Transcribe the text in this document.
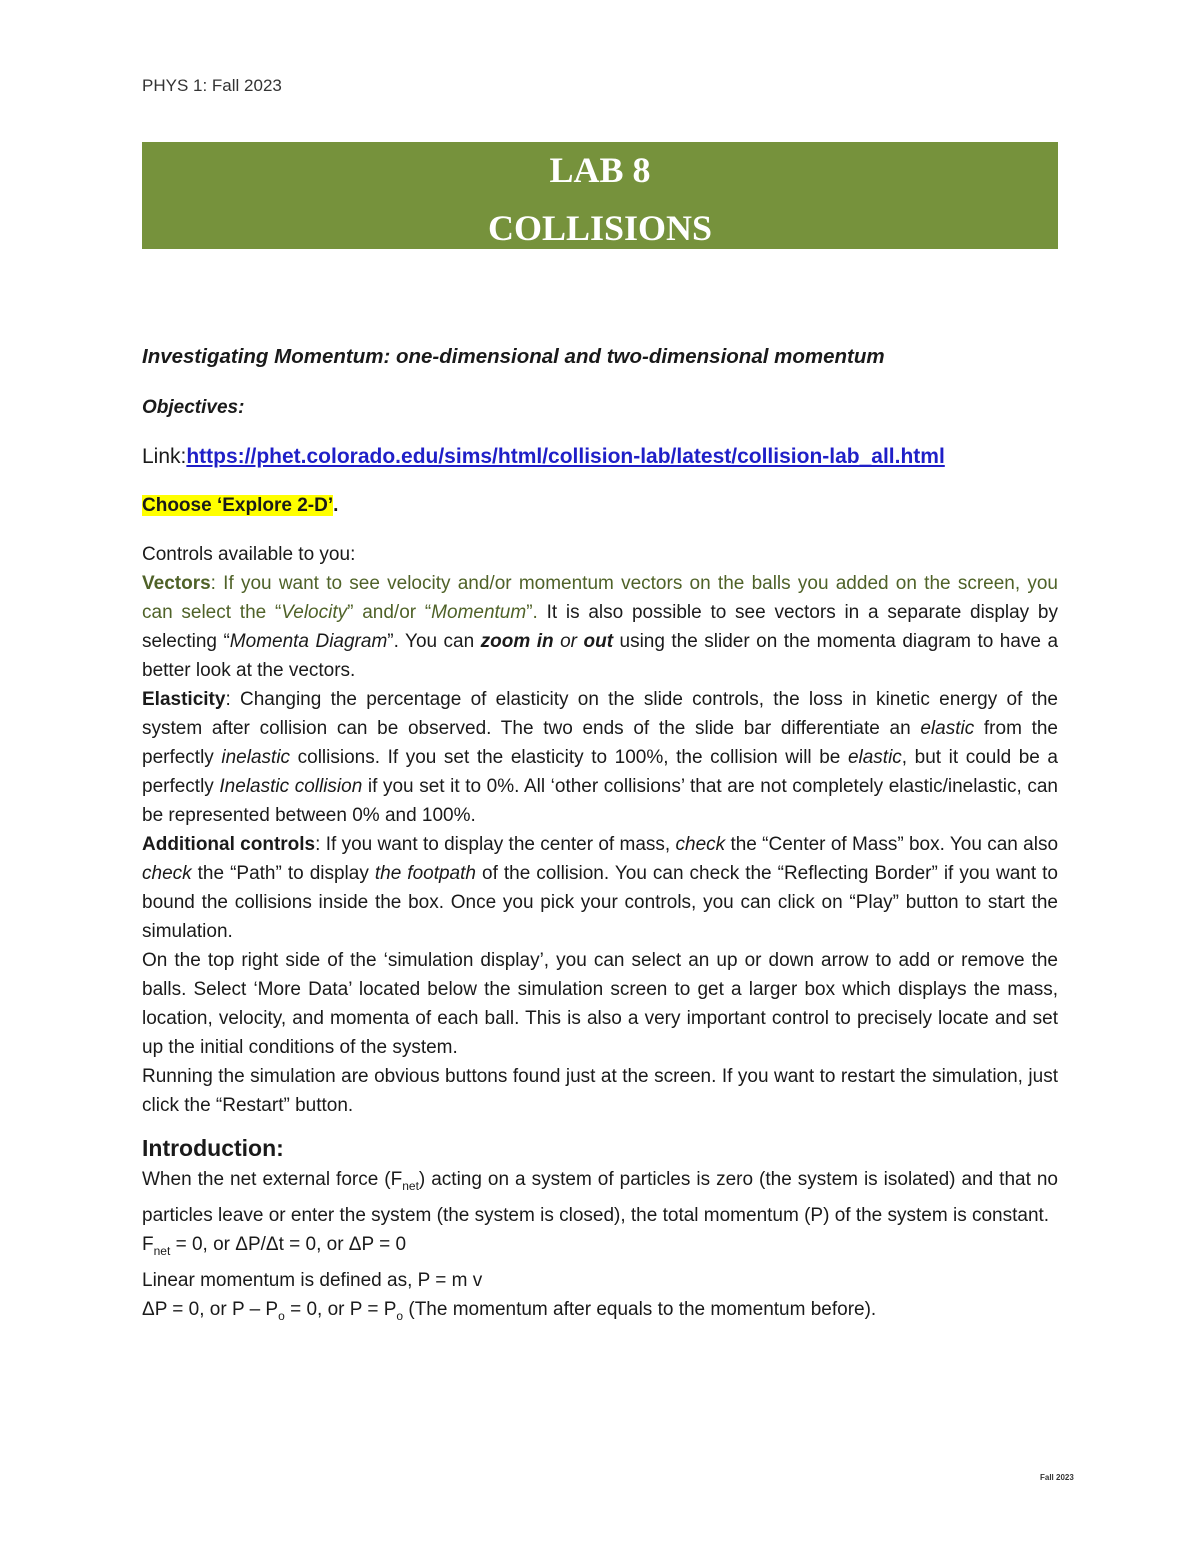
PHYS 1: Fall 2023
LAB 8
COLLISIONS

Investigating Momentum: one-dimensional and two-dimensional momentum

Objectives:
Link:https://phet.colorado.edu/sims/html/collision-lab/latest/collision-lab_all.html
Choose ‘Explore 2-D’.
Controls available to you:

Vectors: If you want to see velocity and/or momentum vectors on the balls you added on the screen, you can select the “Velocity” and/or “Momentum”. It is also possible to see vectors in a separate display by selecting “Momenta Diagram”. You can zoom in or out using the slider on the momenta diagram to have a better look at the vectors.

Elasticity: Changing the percentage of elasticity on the slide controls, the loss in kinetic energy of the system after collision can be observed. The two ends of the slide bar differentiate an elastic from the perfectly inelastic collisions. If you set the elasticity to 100%, the collision will be elastic, but it could be a perfectly Inelastic collision if you set it to 0%. All ‘other collisions’ that are not completely elastic/inelastic, can be represented between 0% and 100%.

Additional controls: If you want to display the center of mass, check the “Center of Mass” box. You can also check the “Path” to display the footpath of the collision. You can check the “Reflecting Border” if you want to bound the collisions inside the box. Once you pick your controls, you can click on “Play” button to start the simulation.

On the top right side of the ‘simulation display’, you can select an up or down arrow to add or remove the balls. Select ‘More Data’ located below the simulation screen to get a larger box which displays the mass, location, velocity, and momenta of each ball. This is also a very important control to precisely locate and set up the initial conditions of the system.

Running the simulation are obvious buttons found just at the screen. If you want to restart the simulation, just click the “Restart” button.

Introduction:

When the net external force $(F_{net})$ acting on a system of particles is zero (the system is isolated) and that no particles leave or enter the system (the system is closed), the total momentum (P) of the system is constant.

$F_{net} = 0$, or ΔP/Δt = 0, or ΔP = 0

Linear momentum is defined as, P = m v

ΔP = 0, or $P - P_o = 0$, or $P = P_o$ (The momentum after equals to the momentum before).

Fall 2023
